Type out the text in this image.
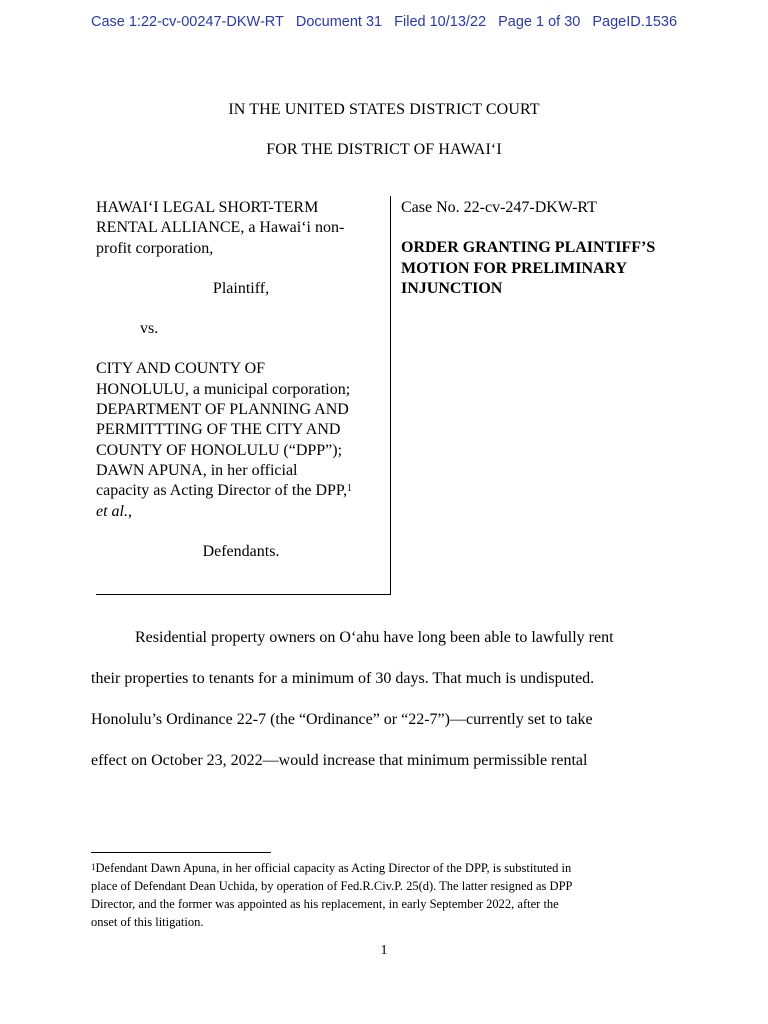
Case 1:22-cv-00247-DKW-RT Document 31 Filed 10/13/22 Page 1 of 30 PageID.1536
IN THE UNITED STATES DISTRICT COURT
FOR THE DISTRICT OF HAWAI‘I
HAWAI‘I LEGAL SHORT-TERM
RENTAL ALLIANCE, a Hawai‘i non-
profit corporation,
Plaintiff,
vs.
CITY AND COUNTY OF
HONOLULU, a municipal corporation;
DEPARTMENT OF PLANNING AND
PERMITTTING OF THE CITY AND
COUNTY OF HONOLULU (“DPP”);
DAWN APUNA, in her official
capacity as Acting Director of the DPP,$^1$
et al.,
Defendants.
Case No. 22-cv-247-DKW-RT
ORDER GRANTING PLAINTIFF’S
MOTION FOR PRELIMINARY
INJUNCTION

Residential property owners on O‘ahu have long been able to lawfully rent

their properties to tenants for a minimum of 30 days. That much is undisputed.

Honolulu’s Ordinance 22-7 (the “Ordinance” or “22-7”)—currently set to take

effect on October 23, 2022—would increase that minimum permissible rental

$^1$Defendant Dawn Apuna, in her official capacity as Acting Director of the DPP, is substituted in
place of Defendant Dean Uchida, by operation of Fed.R.Civ.P. 25(d). The latter resigned as DPP
Director, and the former was appointed as his replacement, in early September 2022, after the
onset of this litigation.
1
